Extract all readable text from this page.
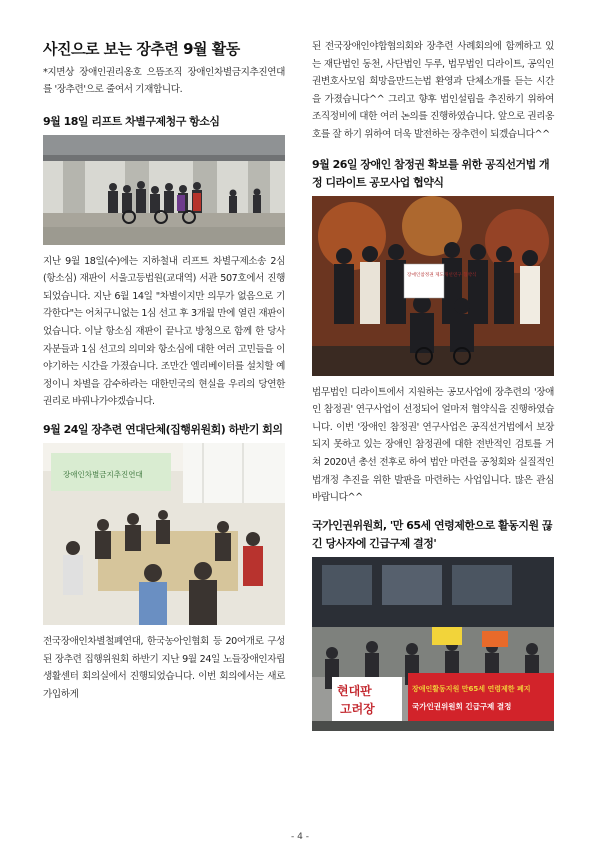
사진으로 보는 장추련 9월 활동

*지면상 장애인권리옹호 으뜸조직 장애인차별금지추진연대를 '장추련'으로 줄여서 기재합니다.

9월 18일 리프트 차별구제청구 항소심

지난 9월 18일(수)에는 지하철내 리프트 차별구제소송 2심(항소심) 재판이 서울고등법원(교대역) 서관 507호에서 진행되었습니다. 지난 6월 14일 "차별이지만 의무가 없음으로 기각한다"는 어처구니없는 1심 선고 후 3개월 만에 열린 재판이었습니다. 이날 항소심 재판이 끝나고 방청으로 함께 한 당사자분들과 1심 선고의 의미와 항소심에 대한 여러 고민들을 이야기하는 시간을 가졌습니다. 조만간 엘리베이터를 설치할 예정이니 차별을 감수하라는 대한민국의 현실을 우리의 당연한 권리로 바꿔나가야겠습니다.

9월 24일 장추련 연대단체(집행위원회) 하반기 회의
장애인차별금지추진연대

전국장애인차별철폐연대, 한국농아인협회 등 20여개로 구성된 장추련 집행위원회 하반기 지난 9월 24일 노들장애인자립생활센터 회의실에서 진행되었습니다. 이번 회의에서는 새로 가입하게

된 전국장애인야합협의회와 장추련 사례회의에 함께하고 있는 재단법인 동천, 사단법인 두루, 법무법인 디라이트, 공익인권변호사모임 희망을만드는법 환영과 단체소개를 듣는 시간을 가졌습니다^^ 그리고 향후 법인설립을 추진하기 위하여 조직정비에 대한 여러 논의를 진행하였습니다. 앞으로 권리옹호를 잘 하기 위하여 더욱 발전하는 장추련이 되겠습니다^^

9월 26일 장애인 참정권 확보를 위한 공직선거법 개정 디라이트 공모사업 협약식
장애인참정권 제도개선연구 협약식

법무법인 디라이트에서 지원하는 공모사업에 장추련의 '장애인 참정권' 연구사업이 선정되어 얼마저 협약식을 진행하였습니다. 이번 '장애인 참정권' 연구사업은 공직선거법에서 보장되지 못하고 있는 장애인 참정권에 대한 전반적인 검토를 거쳐 2020년 총선 전후로 하여 법안 마련을 공청회와 실질적인 법개정 추진을 위한 발판을 마련하는 사업입니다. 많은 관심바랍니다^^

국가인권위원회, '만 65세 연령제한으로 활동지원 끊긴 당사자에 긴급구제 결정'
현대판
고려장
장애인활동지원 만65세 연령제한 폐지
국가인권위원회 긴급구제 결정
- 4 -
